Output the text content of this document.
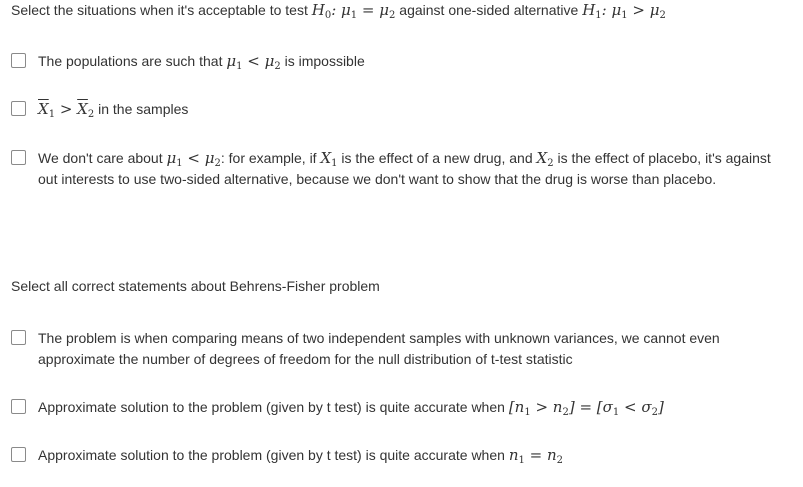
Select the situations when it's acceptable to test $H_0$: $\mu_1 = \mu_2$ against one-sided alternative $H_1$: $\mu_1 > \mu_2$
The populations are such that $\mu_1 < \mu_2$ is impossible
$\overline{X}_1 > \overline{X}_2$ in the samples
We don't care about $\mu_1 < \mu_2$: for example, if $X_1$ is the effect of a new drug, and $X_2$ is the effect of placebo, it's against out interests to use two-sided alternative, because we don't want to show that the drug is worse than placebo.
Select all correct statements about Behrens-Fisher problem
The problem is when comparing means of two independent samples with unknown variances, we cannot even approximate the number of degrees of freedom for the null distribution of t-test statistic
Approximate solution to the problem (given by t test) is quite accurate when $[n_1 > n_2] = [\sigma_1 < \sigma_2]$
Approximate solution to the problem (given by t test) is quite accurate when $n_1 = n_2$
